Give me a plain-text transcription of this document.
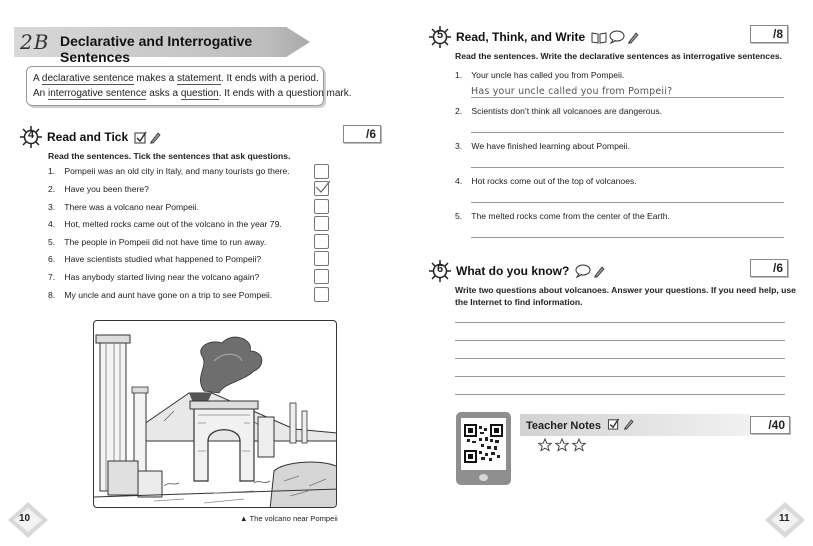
2B Declarative and Interrogative Sentences
A declarative sentence makes a statement. It ends with a period.
An interrogative sentence asks a question. It ends with a question mark.
4	Read and Tick	/6
Read the sentences. Tick the sentences that ask questions.
1. Pompeii was an old city in Italy, and many tourists go there.
2. Have you been there?
3. There was a volcano near Pompeii.
4. Hot, melted rocks came out of the volcano in the year 79.
5. The people in Pompeii did not have time to run away.
6. Have scientists studied what happened to Pompeii?
7. Has anybody started living near the volcano again?
8. My uncle and aunt have gone on a trip to see Pompeii.
▲ The volcano near Pompeii
10
5	Read, Think, and Write	/8
Read the sentences. Write the declarative sentences as interrogative sentences.
1. Your uncle has called you from Pompeii.
Has your uncle called you from Pompeii?
2. Scientists don’t think all volcanoes are dangerous.
3. We have finished learning about Pompeii.
4. Hot rocks come out of the top of volcanoes.
5. The melted rocks come from the center of the Earth.
6	What do you know?	/6
Write two questions about volcanoes. Answer your questions. If you need help, use
the Internet to find information.
11
Teacher Notes	/40
